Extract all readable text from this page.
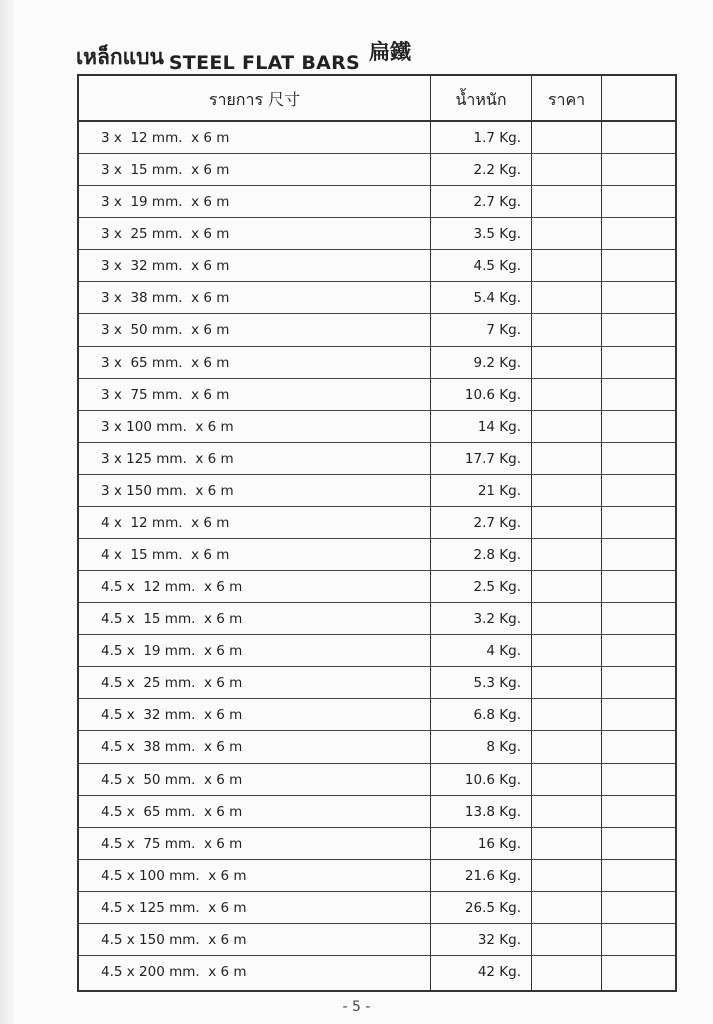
เหล็กแบน STEEL FLAT BARS 扁鐵
รายการ 尺寸	น้ำหนัก	ราคา
3 x  12 mm.  x 6 m	1.7 Kg.
3 x  15 mm.  x 6 m	2.2 Kg.
3 x  19 mm.  x 6 m	2.7 Kg.
3 x  25 mm.  x 6 m	3.5 Kg.
3 x  32 mm.  x 6 m	4.5 Kg.
3 x  38 mm.  x 6 m	5.4 Kg.
3 x  50 mm.  x 6 m	7 Kg.
3 x  65 mm.  x 6 m	9.2 Kg.
3 x  75 mm.  x 6 m	10.6 Kg.
3 x 100 mm.  x 6 m	14 Kg.
3 x 125 mm.  x 6 m	17.7 Kg.
3 x 150 mm.  x 6 m	21 Kg.
4 x  12 mm.  x 6 m	2.7 Kg.
4 x  15 mm.  x 6 m	2.8 Kg.
4.5 x  12 mm.  x 6 m	2.5 Kg.
4.5 x  15 mm.  x 6 m	3.2 Kg.
4.5 x  19 mm.  x 6 m	4 Kg.
4.5 x  25 mm.  x 6 m	5.3 Kg.
4.5 x  32 mm.  x 6 m	6.8 Kg.
4.5 x  38 mm.  x 6 m	8 Kg.
4.5 x  50 mm.  x 6 m	10.6 Kg.
4.5 x  65 mm.  x 6 m	13.8 Kg.
4.5 x  75 mm.  x 6 m	16 Kg.
4.5 x 100 mm.  x 6 m	21.6 Kg.
4.5 x 125 mm.  x 6 m	26.5 Kg.
4.5 x 150 mm.  x 6 m	32 Kg.
4.5 x 200 mm.  x 6 m	42 Kg.
- 5 -
